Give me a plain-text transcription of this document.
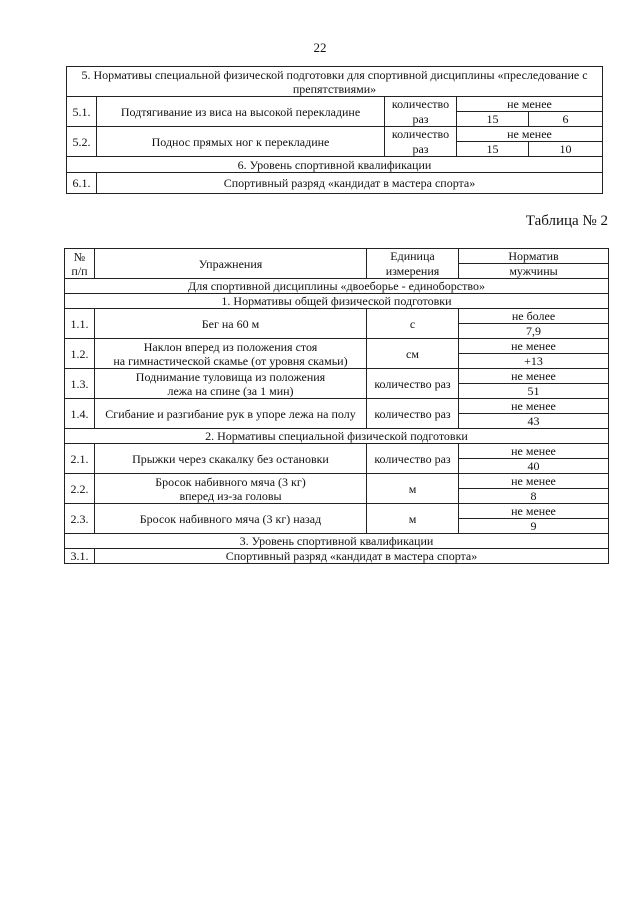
22
5. Нормативы специальной физической подготовки для спортивной дисциплины «преследование с препятствиями»				
5.1.	Подтягивание из виса на высокой перекладине	количество	не менее	
		раз	15	6
5.2.	Поднос прямых ног к перекладине	количество	не менее	
		раз	15	10
6. Уровень спортивной квалификации				
6.1.	Спортивный разряд «кандидат в мастера спорта»			
Таблица № 2
№
п/п	Упражнения	Единица	Норматив
		измерения	мужчины
Для спортивной дисциплины «двоеборье - единоборство»			
1. Нормативы общей физической подготовки			
1.1.	Бег на 60 м	с	не более
			7,9
1.2.	Наклон вперед из положения стоя
на гимнастической скамье (от уровня скамьи)	см	не менее
			+13
1.3.	Поднимание туловища из положения
лежа на спине (за 1 мин)	количество раз	не менее
			51
1.4.	Сгибание и разгибание рук в упоре лежа на полу	количество раз	не менее
			43
2. Нормативы специальной физической подготовки			
2.1.	Прыжки через скакалку без остановки	количество раз	не менее
			40
2.2.	Бросок набивного мяча (3 кг)
вперед из-за головы	м	не менее
			8
2.3.	Бросок набивного мяча (3 кг) назад	м	не менее
			9
3. Уровень спортивной квалификации			
3.1.	Спортивный разряд «кандидат в мастера спорта»		
